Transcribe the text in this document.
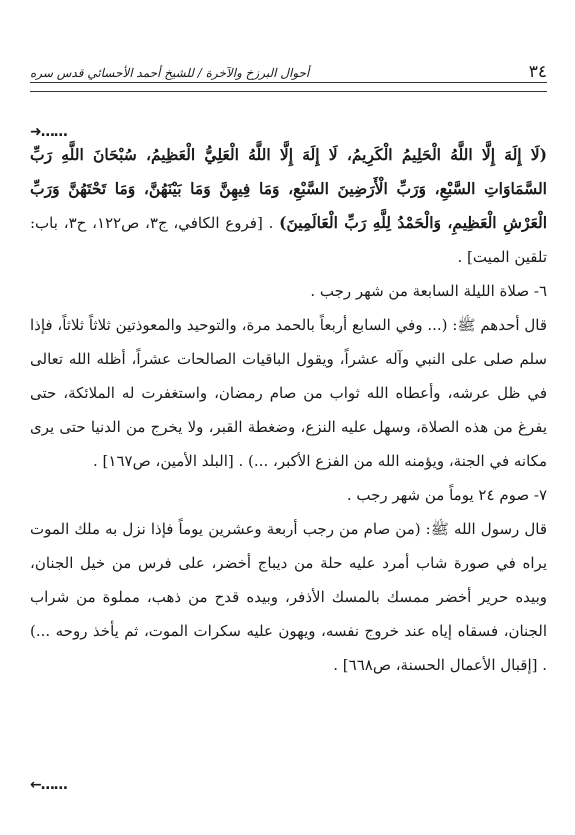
٣٤
أحوال البرزخ والآخرة / للشيخ أحمد الأحسائي قدس سره
➜……

(لَا إِلَهَ إِلَّا اللَّهُ الْحَلِيمُ الْكَرِيمُ، لَا إِلَهَ إِلَّا اللَّهُ الْعَلِيُّ الْعَظِيمُ، سُبْحَانَ اللَّهِ رَبِّ السَّمَاوَاتِ السَّبْعِ، وَرَبِّ الْأَرَضِينَ السَّبْعِ، وَمَا فِيهِنَّ وَمَا بَيْنَهُنَّ، وَمَا تَحْتَهُنَّ وَرَبِّ الْعَرْشِ الْعَظِيمِ، وَالْحَمْدُ لِلَّهِ رَبِّ الْعَالَمِينَ) . [فروع الكافي، ج٣، ص١٢٢، ح٣، باب: تلقين الميت] .

٦- صلاة الليلة السابعة من شهر رجب .

قال أحدهم ﷺ: (... وفي السابع أربعاً بالحمد مرة، والتوحيد والمعوذتين ثلاثاً ثلاثاً، فإذا سلم صلى على النبي وآله عشراً، ويقول الباقيات الصالحات عشراً، أظله الله تعالى في ظل عرشه، وأعطاه الله ثواب من صام رمضان، واستغفرت له الملائكة، حتى يفرغ من هذه الصلاة، وسهل عليه النزع، وضغطة القبر، ولا يخرج من الدنيا حتى يرى مكانه في الجنة، ويؤمنه الله من الفزع الأكبر، ...) . [البلد الأمين، ص١٦٧] .

٧- صوم ٢٤ يوماً من شهر رجب .

قال رسول الله ﷺ: (من صام من رجب أربعة وعشرين يوماً فإذا نزل به ملك الموت يراه في صورة شاب أمرد عليه حلة من ديباج أخضر، على فرس من خيل الجنان، وبيده حرير أخضر ممسك بالمسك الأذفر، وبيده قدح من ذهب، مملوة من شراب الجنان، فسقاه إياه عند خروج نفسه، ويهون عليه سكرات الموت، ثم يأخذ روحه ...) . [إقبال الأعمال الحسنة، ص٦٦٨] .

←……
